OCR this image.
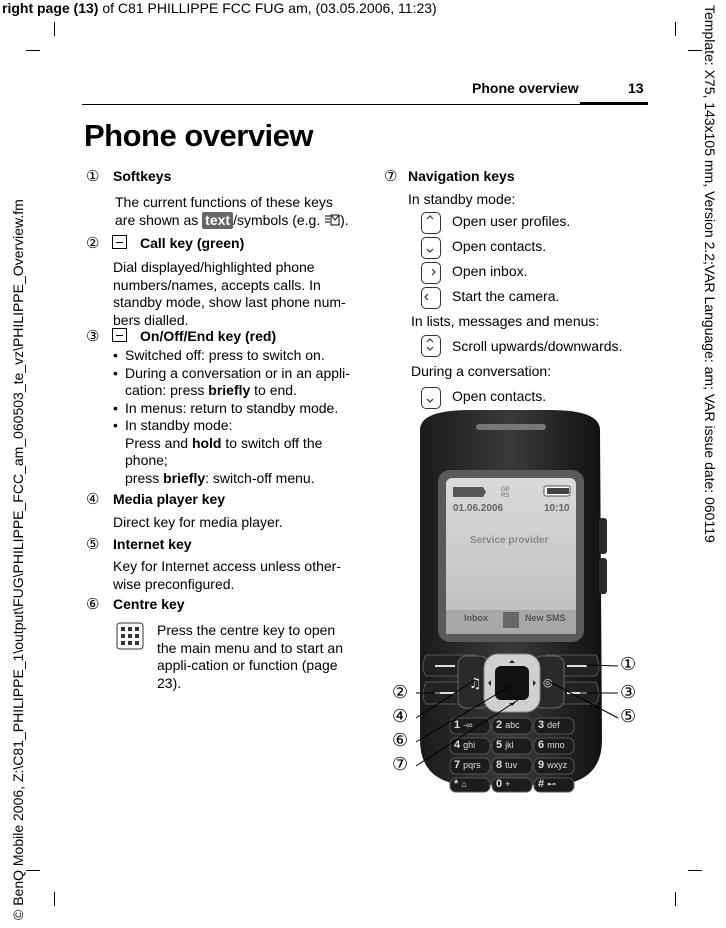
right page (13) of C81 PHILLIPPE FCC FUG am, (03.05.2006, 11:23)
© BenQ Mobile 2006, Z:\C81_PHILIPPE_1\output\FUG\PHILIPPE_FCC_am_060503_te_vz\PHILIPPE_Overview.fm	Template: X75, 143x105 mm, Version 2.2;VAR Language: am; VAR issue date: 060119
Phone overview	13
Phone overview
① Softkeys
The current functions of these keys are shown as text /symbols (e.g. ).
②	Call key (green)
Dial displayed/highlighted phone numbers/names, accepts calls. In standby mode, show last phone num-bers dialled.
③	On/Off/End key (red)
• Switched off: press to switch on.
• During a conversation or in an appli-cation: press briefly to end.
• In menus: return to standby mode.
• In standby mode:
Press and hold to switch off the phone;
press briefly: switch-off menu.
④ Media player key
Direct key for media player.
⑤ Internet key
Key for Internet access unless other-wise preconfigured.
⑥ Centre key
Press the centre key to open the main menu and to start an appli-cation or function (page 23).
⑦ Navigation keys
In standby mode:
Open user profiles.
Open contacts.
Open inbox.
Start the camera.
In lists, messages and menus:
Scroll upwards/downwards.
During a conversation:
Open contacts.
♫	◎
GP RS
01.06.2006	10:10
Service provider
Inbox	New SMS
1 -∞	2 abc	3 def
4 ghi	5 jkl	6 mno
7 pqrs	8 tuv	9 wxyz
* ⌂	0 +	# ⊷
①
②	③
④	⑤
⑥
⑦
